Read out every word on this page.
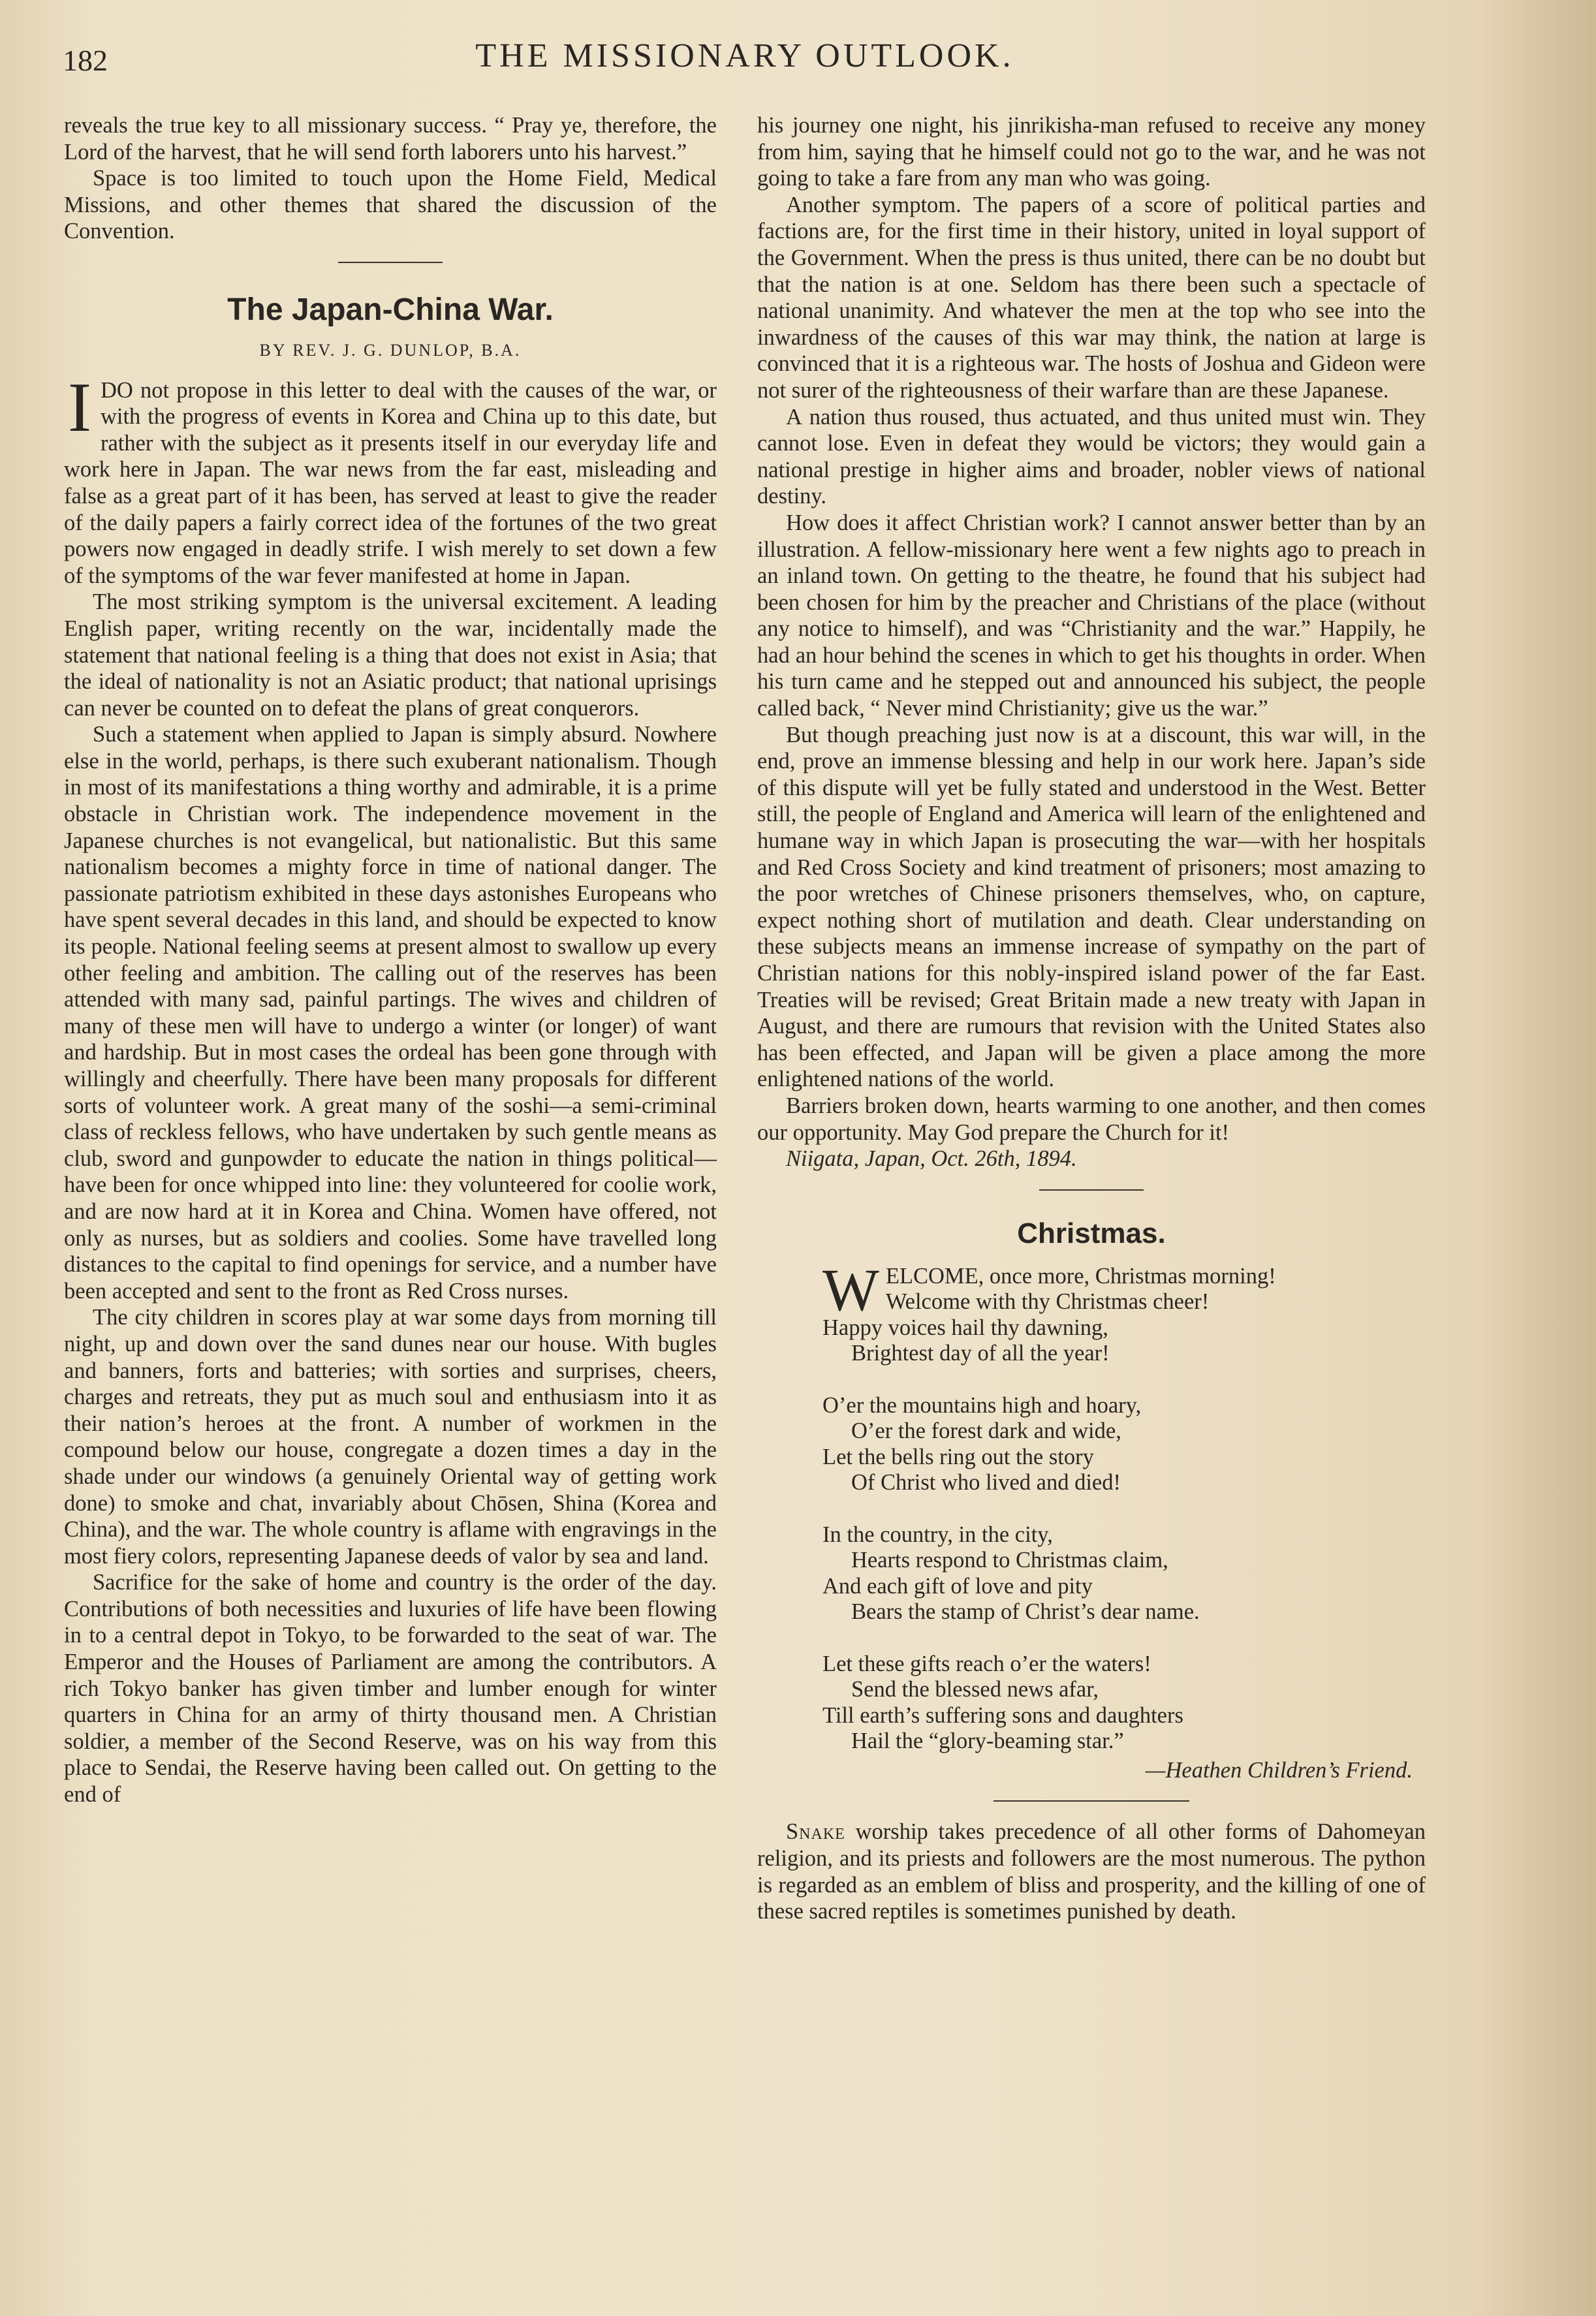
182	THE MISSIONARY OUTLOOK.

reveals the true key to all missionary success. “ Pray ye, therefore, the Lord of the harvest, that he will send forth laborers unto his harvest.”

Space is too limited to touch upon the Home Field, Medical Missions, and other themes that shared the discussion of the Convention.

The Japan-China War.
BY REV. J. G. DUNLOP, B.A.

IDO not propose in this letter to deal with the causes of the war, or with the progress of events in Korea and China up to this date, but rather with the subject as it presents itself in our everyday life and work here in Japan. The war news from the far east, misleading and false as a great part of it has been, has served at least to give the reader of the daily papers a fairly correct idea of the fortunes of the two great powers now engaged in deadly strife. I wish merely to set down a few of the symptoms of the war fever manifested at home in Japan.

The most striking symptom is the universal excitement. A leading English paper, writing recently on the war, incidentally made the statement that national feeling is a thing that does not exist in Asia; that the ideal of nationality is not an Asiatic product; that national uprisings can never be counted on to defeat the plans of great conquerors.

Such a statement when applied to Japan is simply absurd. Nowhere else in the world, perhaps, is there such exuberant nationalism. Though in most of its manifestations a thing worthy and admirable, it is a prime obstacle in Christian work. The independence movement in the Japanese churches is not evangelical, but nationalistic. But this same nationalism becomes a mighty force in time of national danger. The passionate patriotism exhibited in these days astonishes Europeans who have spent several decades in this land, and should be expected to know its people. National feeling seems at present almost to swallow up every other feeling and ambition. The calling out of the reserves has been attended with many sad, painful partings. The wives and children of many of these men will have to undergo a winter (or longer) of want and hardship. But in most cases the ordeal has been gone through with willingly and cheerfully. There have been many proposals for different sorts of volunteer work. A great many of the soshi—a semi-criminal class of reckless fellows, who have undertaken by such gentle means as club, sword and gunpowder to educate the nation in things political—have been for once whipped into line: they volunteered for coolie work, and are now hard at it in Korea and China. Women have offered, not only as nurses, but as soldiers and coolies. Some have travelled long distances to the capital to find openings for service, and a number have been accepted and sent to the front as Red Cross nurses.

The city children in scores play at war some days from morning till night, up and down over the sand dunes near our house. With bugles and banners, forts and batteries; with sorties and surprises, cheers, charges and retreats, they put as much soul and enthusiasm into it as their nation’s heroes at the front. A number of workmen in the compound below our house, congregate a dozen times a day in the shade under our windows (a genuinely Oriental way of getting work done) to smoke and chat, invariably about Chōsen, Shina (Korea and China), and the war. The whole country is aflame with engravings in the most fiery colors, representing Japanese deeds of valor by sea and land.

Sacrifice for the sake of home and country is the order of the day. Contributions of both necessities and luxuries of life have been flowing in to a central depot in Tokyo, to be forwarded to the seat of war. The Emperor and the Houses of Parliament are among the contributors. A rich Tokyo banker has given timber and lumber enough for winter quarters in China for an army of thirty thousand men. A Christian soldier, a member of the Second Reserve, was on his way from this place to Sendai, the Reserve having been called out. On getting to the end of

his journey one night, his jinrikisha-man refused to receive any money from him, saying that he himself could not go to the war, and he was not going to take a fare from any man who was going.

Another symptom. The papers of a score of political parties and factions are, for the first time in their history, united in loyal support of the Government. When the press is thus united, there can be no doubt but that the nation is at one. Seldom has there been such a spectacle of national unanimity. And whatever the men at the top who see into the inwardness of the causes of this war may think, the nation at large is convinced that it is a righteous war. The hosts of Joshua and Gideon were not surer of the righteousness of their warfare than are these Japanese.

A nation thus roused, thus actuated, and thus united must win. They cannot lose. Even in defeat they would be victors; they would gain a national prestige in higher aims and broader, nobler views of national destiny.

How does it affect Christian work? I cannot answer better than by an illustration. A fellow-missionary here went a few nights ago to preach in an inland town. On getting to the theatre, he found that his subject had been chosen for him by the preacher and Christians of the place (without any notice to himself), and was “Christianity and the war.” Happily, he had an hour behind the scenes in which to get his thoughts in order. When his turn came and he stepped out and announced his subject, the people called back, “ Never mind Christianity; give us the war.”

But though preaching just now is at a discount, this war will, in the end, prove an immense blessing and help in our work here. Japan’s side of this dispute will yet be fully stated and understood in the West. Better still, the people of England and America will learn of the enlightened and humane way in which Japan is prosecuting the war—with her hospitals and Red Cross Society and kind treatment of prisoners; most amazing to the poor wretches of Chinese prisoners themselves, who, on capture, expect nothing short of mutilation and death. Clear understanding on these subjects means an immense increase of sympathy on the part of Christian nations for this nobly-inspired island power of the far East. Treaties will be revised; Great Britain made a new treaty with Japan in August, and there are rumours that revision with the United States also has been effected, and Japan will be given a place among the more enlightened nations of the world.

Barriers broken down, hearts warming to one another, and then comes our opportunity. May God prepare the Church for it!

Niigata, Japan, Oct. 26th, 1894.

Christmas.
W ELCOME, once more, Christmas morning!
Welcome with thy Christmas cheer!
Happy voices hail thy dawning,
Brightest day of all the year!
O’er the mountains high and hoary,
O’er the forest dark and wide,
Let the bells ring out the story
Of Christ who lived and died!
In the country, in the city,
Hearts respond to Christmas claim,
And each gift of love and pity
Bears the stamp of Christ’s dear name.
Let these gifts reach o’er the waters!
Send the blessed news afar,
Till earth’s suffering sons and daughters
Hail the “glory-beaming star.”
—Heathen Children’s Friend.

Snake worship takes precedence of all other forms of Dahomeyan religion, and its priests and followers are the most numerous. The python is regarded as an emblem of bliss and prosperity, and the killing of one of these sacred reptiles is sometimes punished by death.
